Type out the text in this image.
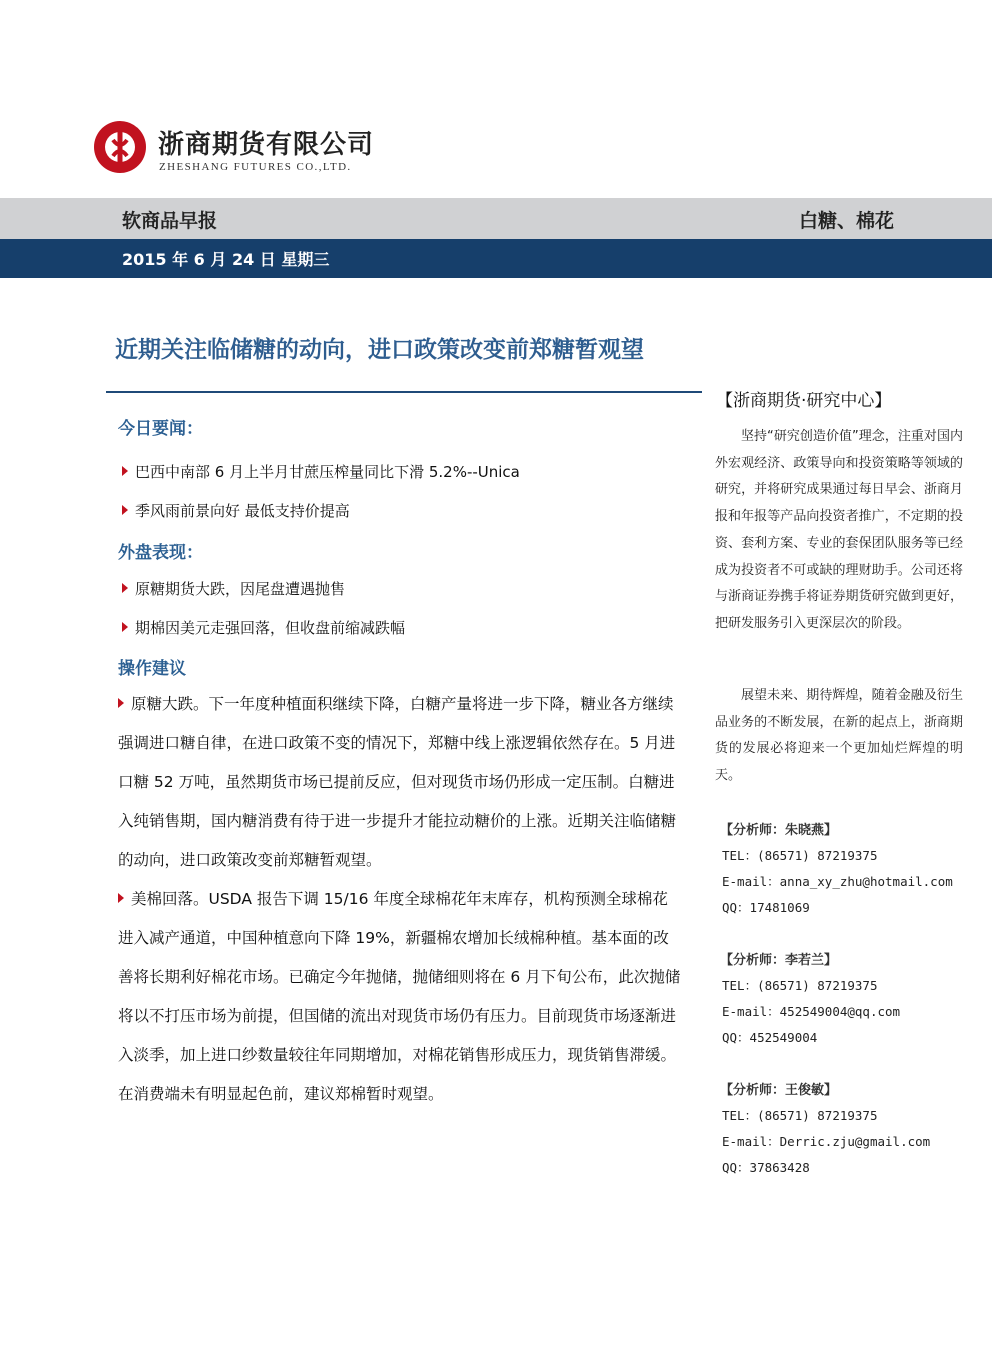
浙商期货有限公司
ZHESHANG FUTURES CO.,LTD.
软商品早报	白糖、棉花
2015 年 6 月 24 日 星期三
近期关注临储糖的动向，进口政策改变前郑糖暂观望
今日要闻：
巴西中南部 6 月上半月甘蔗压榨量同比下滑 5.2%--Unica
季风雨前景向好 最低支持价提高
外盘表现：
原糖期货大跌，因尾盘遭遇抛售
期棉因美元走强回落，但收盘前缩减跌幅
操作建议

原糖大跌。下一年度种植面积继续下降，白糖产量将进一步下降，糖业各方继续强调进口糖自律，在进口政策不变的情况下，郑糖中线上涨逻辑依然存在。5 月进口糖 52 万吨，虽然期货市场已提前反应，但对现货市场仍形成一定压制。白糖进入纯销售期，国内糖消费有待于进一步提升才能拉动糖价的上涨。近期关注临储糖的动向，进口政策改变前郑糖暂观望。

美棉回落。USDA 报告下调 15/16 年度全球棉花年末库存，机构预测全球棉花进入减产通道，中国种植意向下降 19%，新疆棉农增加长绒棉种植。基本面的改善将长期利好棉花市场。已确定今年抛储，抛储细则将在 6 月下旬公布，此次抛储将以不打压市场为前提，但国储的流出对现货市场仍有压力。目前现货市场逐渐进入淡季，加上进口纱数量较往年同期增加，对棉花销售形成压力，现货销售滞缓。在消费端未有明显起色前，建议郑棉暂时观望。

【浙商期货·研究中心】
坚持“研究创造价值”理念，注重对国内外宏观经济、政策导向和投资策略等领域的研究，并将研究成果通过每日早会、浙商月报和年报等产品向投资者推广，不定期的投资、套利方案、专业的套保团队服务等已经成为投资者不可或缺的理财助手。公司还将与浙商证券携手将证券期货研究做到更好，把研发服务引入更深层次的阶段。
展望未来、期待辉煌，随着金融及衍生品业务的不断发展，在新的起点上，浙商期货的发展必将迎来一个更加灿烂辉煌的明天。
【分析师：朱晓燕】
TEL：(86571) 87219375
E-mail：anna_xy_zhu@hotmail.com
QQ：17481069
【分析师：李若兰】
TEL：(86571) 87219375
E-mail：452549004@qq.com
QQ：452549004
【分析师：王俊敏】
TEL：(86571) 87219375
E-mail：Derric.zju@gmail.com
QQ：37863428
